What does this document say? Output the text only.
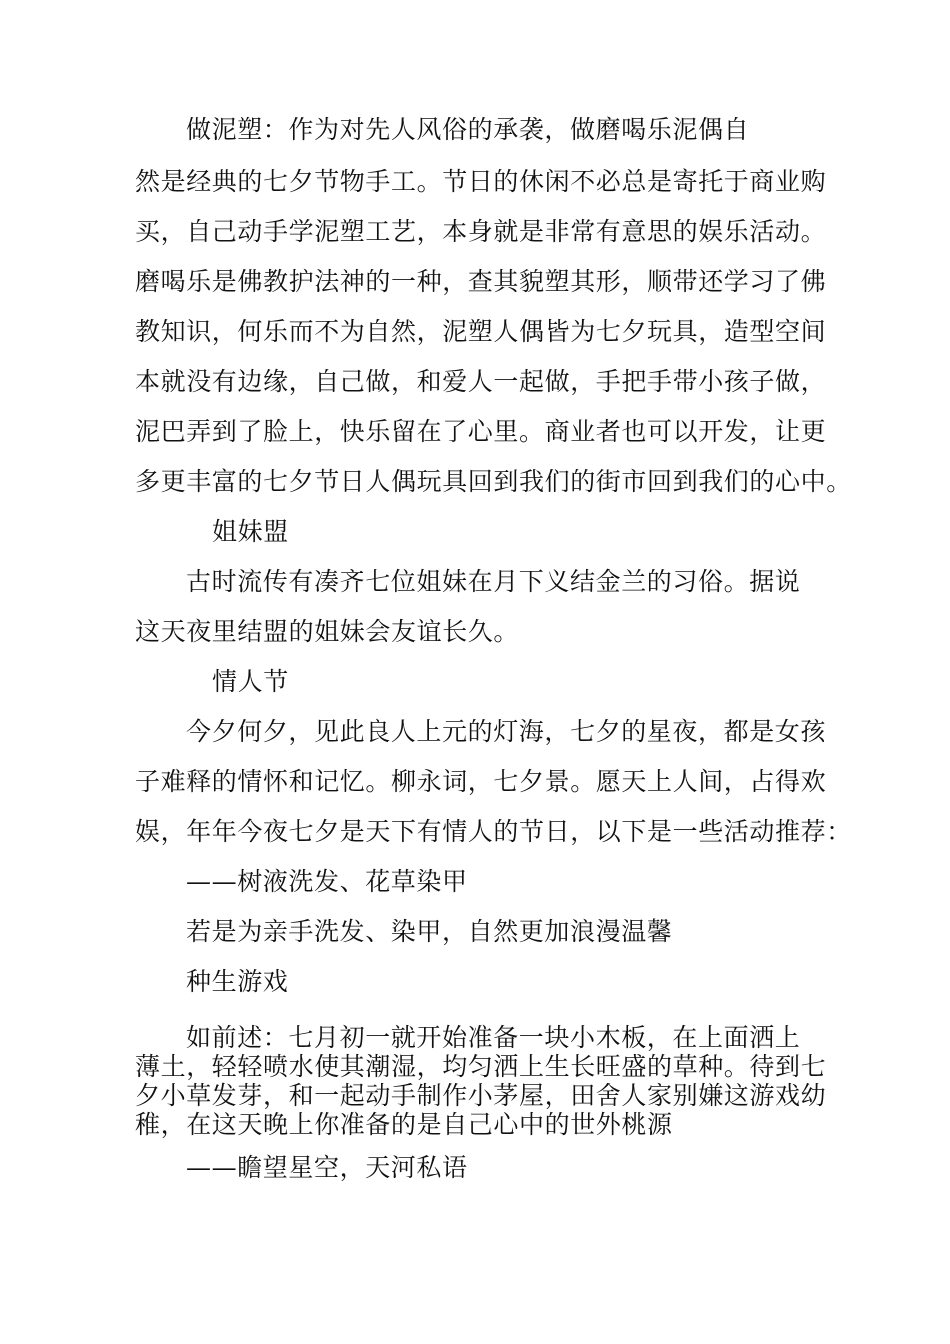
做泥塑：作为对先人风俗的承袭，做磨喝乐泥偶自

然是经典的七夕节物手工。节日的休闲不必总是寄托于商业购

买，自己动手学泥塑工艺，本身就是非常有意思的娱乐活动。

磨喝乐是佛教护法神的一种，查其貌塑其形，顺带还学习了佛

教知识，何乐而不为自然，泥塑人偶皆为七夕玩具，造型空间

本就没有边缘，自己做，和爱人一起做，手把手带小孩子做，

泥巴弄到了脸上，快乐留在了心里。商业者也可以开发，让更

多更丰富的七夕节日人偶玩具回到我们的街市回到我们的心中。

姐妹盟

古时流传有凑齐七位姐妹在月下义结金兰的习俗。据说

这天夜里结盟的姐妹会友谊长久。

情人节

今夕何夕，见此良人上元的灯海，七夕的星夜，都是女孩

子难释的情怀和记忆。柳永词，七夕景。愿天上人间，占得欢

娱，年年今夜七夕是天下有情人的节日，以下是一些活动推荐：

——树液洗发、花草染甲

若是为亲手洗发、染甲，自然更加浪漫温馨

种生游戏

如前述：七月初一就开始准备一块小木板，在上面洒上

薄土，轻轻喷水使其潮湿，均匀洒上生长旺盛的草种。待到七

夕小草发芽，和一起动手制作小茅屋，田舍人家别嫌这游戏幼

稚，在这天晚上你准备的是自己心中的世外桃源

——瞻望星空，天河私语
